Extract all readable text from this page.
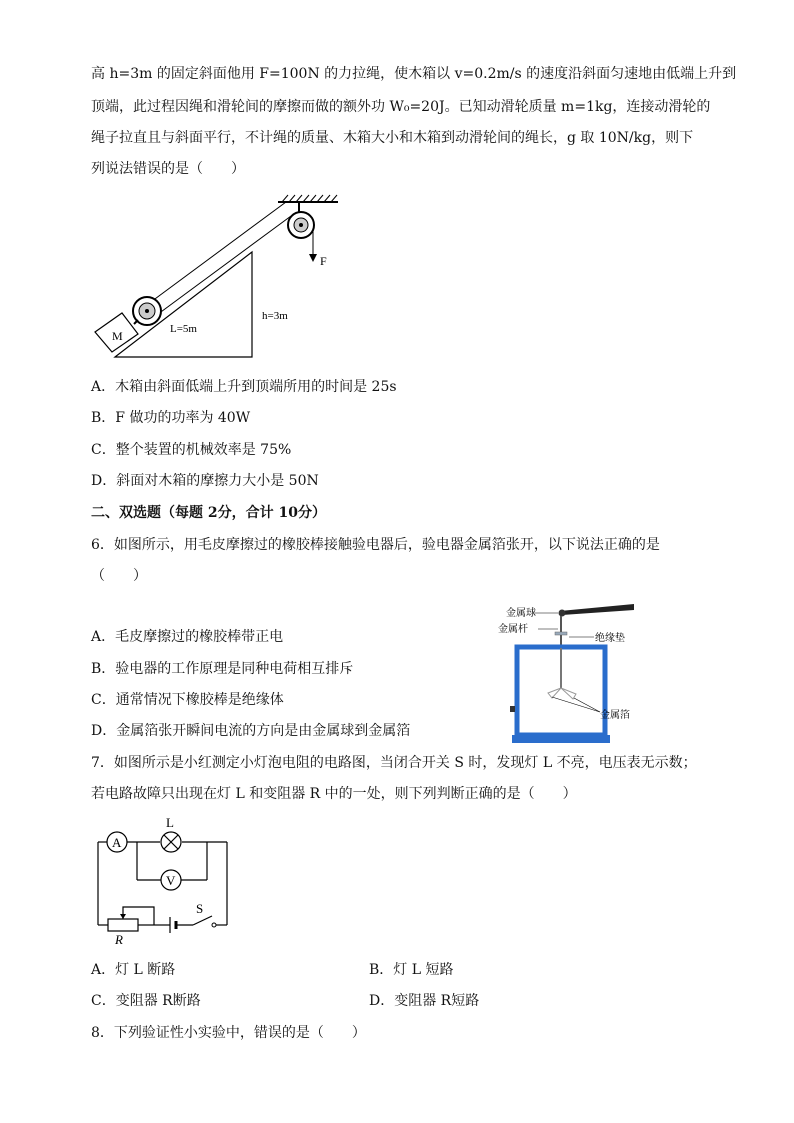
高 h=3m 的固定斜面他用 F=100N 的力拉绳，使木箱以 v=0.2m/s 的速度沿斜面匀速地由低端上升到
顶端，此过程因绳和滑轮间的摩擦而做的额外功 W₀=20J。已知动滑轮质量 m=1kg，连接动滑轮的
绳子拉直且与斜面平行，不计绳的质量、木箱大小和木箱到动滑轮间的绳长，g 取 10N/kg，则下
列说法错误的是（　　）
F
M	L=5m
h=3m
A．木箱由斜面低端上升到顶端所用的时间是 25s
B．F 做功的功率为 40W
C．整个装置的机械效率是 75%
D．斜面对木箱的摩擦力大小是 50N
二、双选题（每题 2分，合计 10分）
6．如图所示，用毛皮摩擦过的橡胶棒接触验电器后，验电器金属箔张开，以下说法正确的是
（　　）
A．毛皮摩擦过的橡胶棒带正电
B．验电器的工作原理是同种电荷相互排斥
C．通常情况下橡胶棒是绝缘体
D．金属箔张开瞬间电流的方向是由金属球到金属箔
金属球
金属杆
绝缘垫
金属箔
7．如图所示是小红测定小灯泡电阻的电路图，当闭合开关 S 时，发现灯 L 不亮，电压表无示数；
若电路故障只出现在灯 L 和变阻器 R 中的一处，则下列判断正确的是（　　）
A
L
V
S
R
A．灯 L 断路	B．灯 L 短路
C．变阻器 R断路	D．变阻器 R短路
8．下列验证性小实验中，错误的是（　　）
